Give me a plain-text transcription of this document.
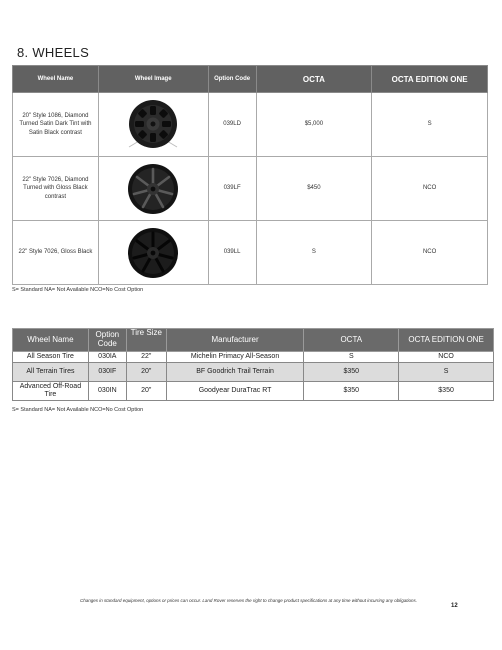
8. WHEELS
Wheel Name	Wheel Image	Option Code	OCTA	OCTA EDITION ONE
20" Style 1086, Diamond Turned Satin Dark Tint with Satin Black contrast		039LD	$5,000	S
22" Style 7026, Diamond Turned with Gloss Black contrast		039LF	$450	NCO
22" Style 7026, Gloss Black		039LL	S	NCO
S= Standard NA= Not Available NCO=No Cost Option
Wheel Name	Option Code	Tire Size	Manufacturer	OCTA	OCTA EDITION ONE
All Season Tire	030IA	22"	Michelin Primacy All-Season	S	NCO
All Terrain Tires	030IF	20"	BF Goodrich Trail Terrain	$350	S
Advanced Off-Road Tire	030IN	20"	Goodyear DuraTrac RT	$350	$350
S= Standard NA= Not Available NCO=No Cost Option
Changes in standard equipment, options or prices can occur. Land Rover reserves the right to change product specifications at any time without incurring any obligations.
12
